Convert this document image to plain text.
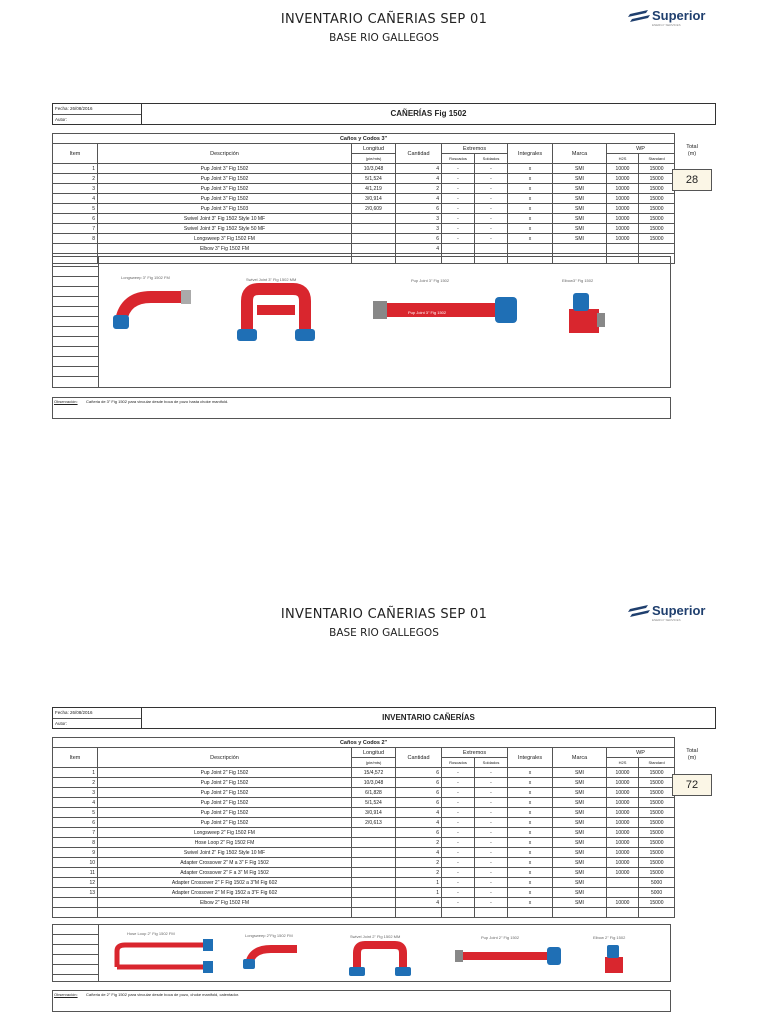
INVENTARIO CAÑERIAS SEP 01
BASE RIO GALLEGOS
Superior
ENERGY SERVICES
Fecha: 26/08/2016
Autor:
CAÑERÍAS Fig 1502
Caños y Codos 3"										
Item	Descripción	Longitud	Cantidad	Extremos		Integrales	Marca	WP		
		(pie/mts)		Roscados	Soldados			H2S	Standard	
1	Pup Joint 3" Fig 1502	10/3,048	4	-	-	x	SMI	10000	15000	
2	Pup Joint 3" Fig 1502	5/1,524	4	-	-	x	SMI	10000	15000	
3	Pup Joint 3" Fig 1502	4/1,219	2	-	-	x	SMI	10000	15000	
4	Pup Joint 3" Fig 1502	3/0,914	4	-	-	x	SMI	10000	15000	
5	Pup Joint 3" Fig 1503	2/0,609	6	-	-	x	SMI	10000	15000	
6	Swivel Joint 3" Fig 1502 Style 10 MF		3	-	-	x	SMI	10000	15000	
7	Swivel Joint 3" Fig 1502 Style 50 MF		3	-	-	x	SMI	10000	15000	
8	Longsweep 3" Fig 1502 FM		6	-	-	x	SMI	10000	15000	
	Elbow 3" Fig 1502 FM		4							

Total
(m)
28
Longsweep 3" Fig 1502 FM	Swivel Joint 3" Fig 1502 MM	Pup Joint 3" Fig 1502	Elbow3" Fig 1502
Pup Joint 3" Fig 1502
Observación: Cañeria de 3" Fig 1502 para vincular desde boca de pozo hasta choke manifold.
INVENTARIO CAÑERIAS SEP 01
BASE RIO GALLEGOS
Superior
ENERGY SERVICES
Fecha: 26/08/2016
Autor:
INVENTARIO CAÑERÍAS
Caños y Codos 2"										
Item	Descripción	Longitud	Cantidad	Extremos		Integrales	Marca	WP		
		(pie/mts)		Roscados	Soldados			H2S	Standard	
1	Pup Joint 2" Fig 1502	15/4,572	6	-	-	x	SMI	10000	15000	
2	Pup Joint 2" Fig 1502	10/3,048	6	-	-	x	SMI	10000	15000	
3	Pup Joint 2" Fig 1502	6/1,828	6	-	-	x	SMI	10000	15000	
4	Pup Joint 2" Fig 1502	5/1,524	6	-	-	x	SMI	10000	15000	
5	Pup Joint 2" Fig 1502	3/0,914	4	-	-	x	SMI	10000	15000	
6	Pup Joint 2" Fig 1502	2/0,613	4	-	-	x	SMI	10000	15000	
7	Longsweep 2" Fig 1502 FM		6	-	-	x	SMI	10000	15000	
8	Hose Loop 2" Fig 1502 FM		2	-	-	x	SMI	10000	15000	
9	Swivel Joint 2" Fig 1502 Style 10 MF		4	-	-	x	SMI	10000	15000	
10	Adapter Crossover 2" M a 3" F Fig 1502		2	-	-	x	SMI	10000	15000	
11	Adapter Crossover 2" F a 3" M Fig 1502		2	-	-	x	SMI	10000	15000	
12	Adapter Crossover 2" F Fig 1502 a 3"M Fig 602		1	-	-	x	SMI		5000	
13	Adapter Crossover 2" M Fig 1502 a 3"F Fig 602		1	-	-	x	SMI		5000	
	Elbow 2" Fig 1502 FM		4	-	-	x	SMI	10000	15000	

Total
(m)
72
Hose Loop 2" Fig 1502 FM	Longsweep 2"Fig 1502 FM	Swivel Joint 2" Fig 1502 MM	Pup Joint 2" Fig 1502	Elbow 2" Fig 1502
Observación: Cañeria de 2" Fig 1502 para vincular desde boca de pozo, choke manifold, calentador.
